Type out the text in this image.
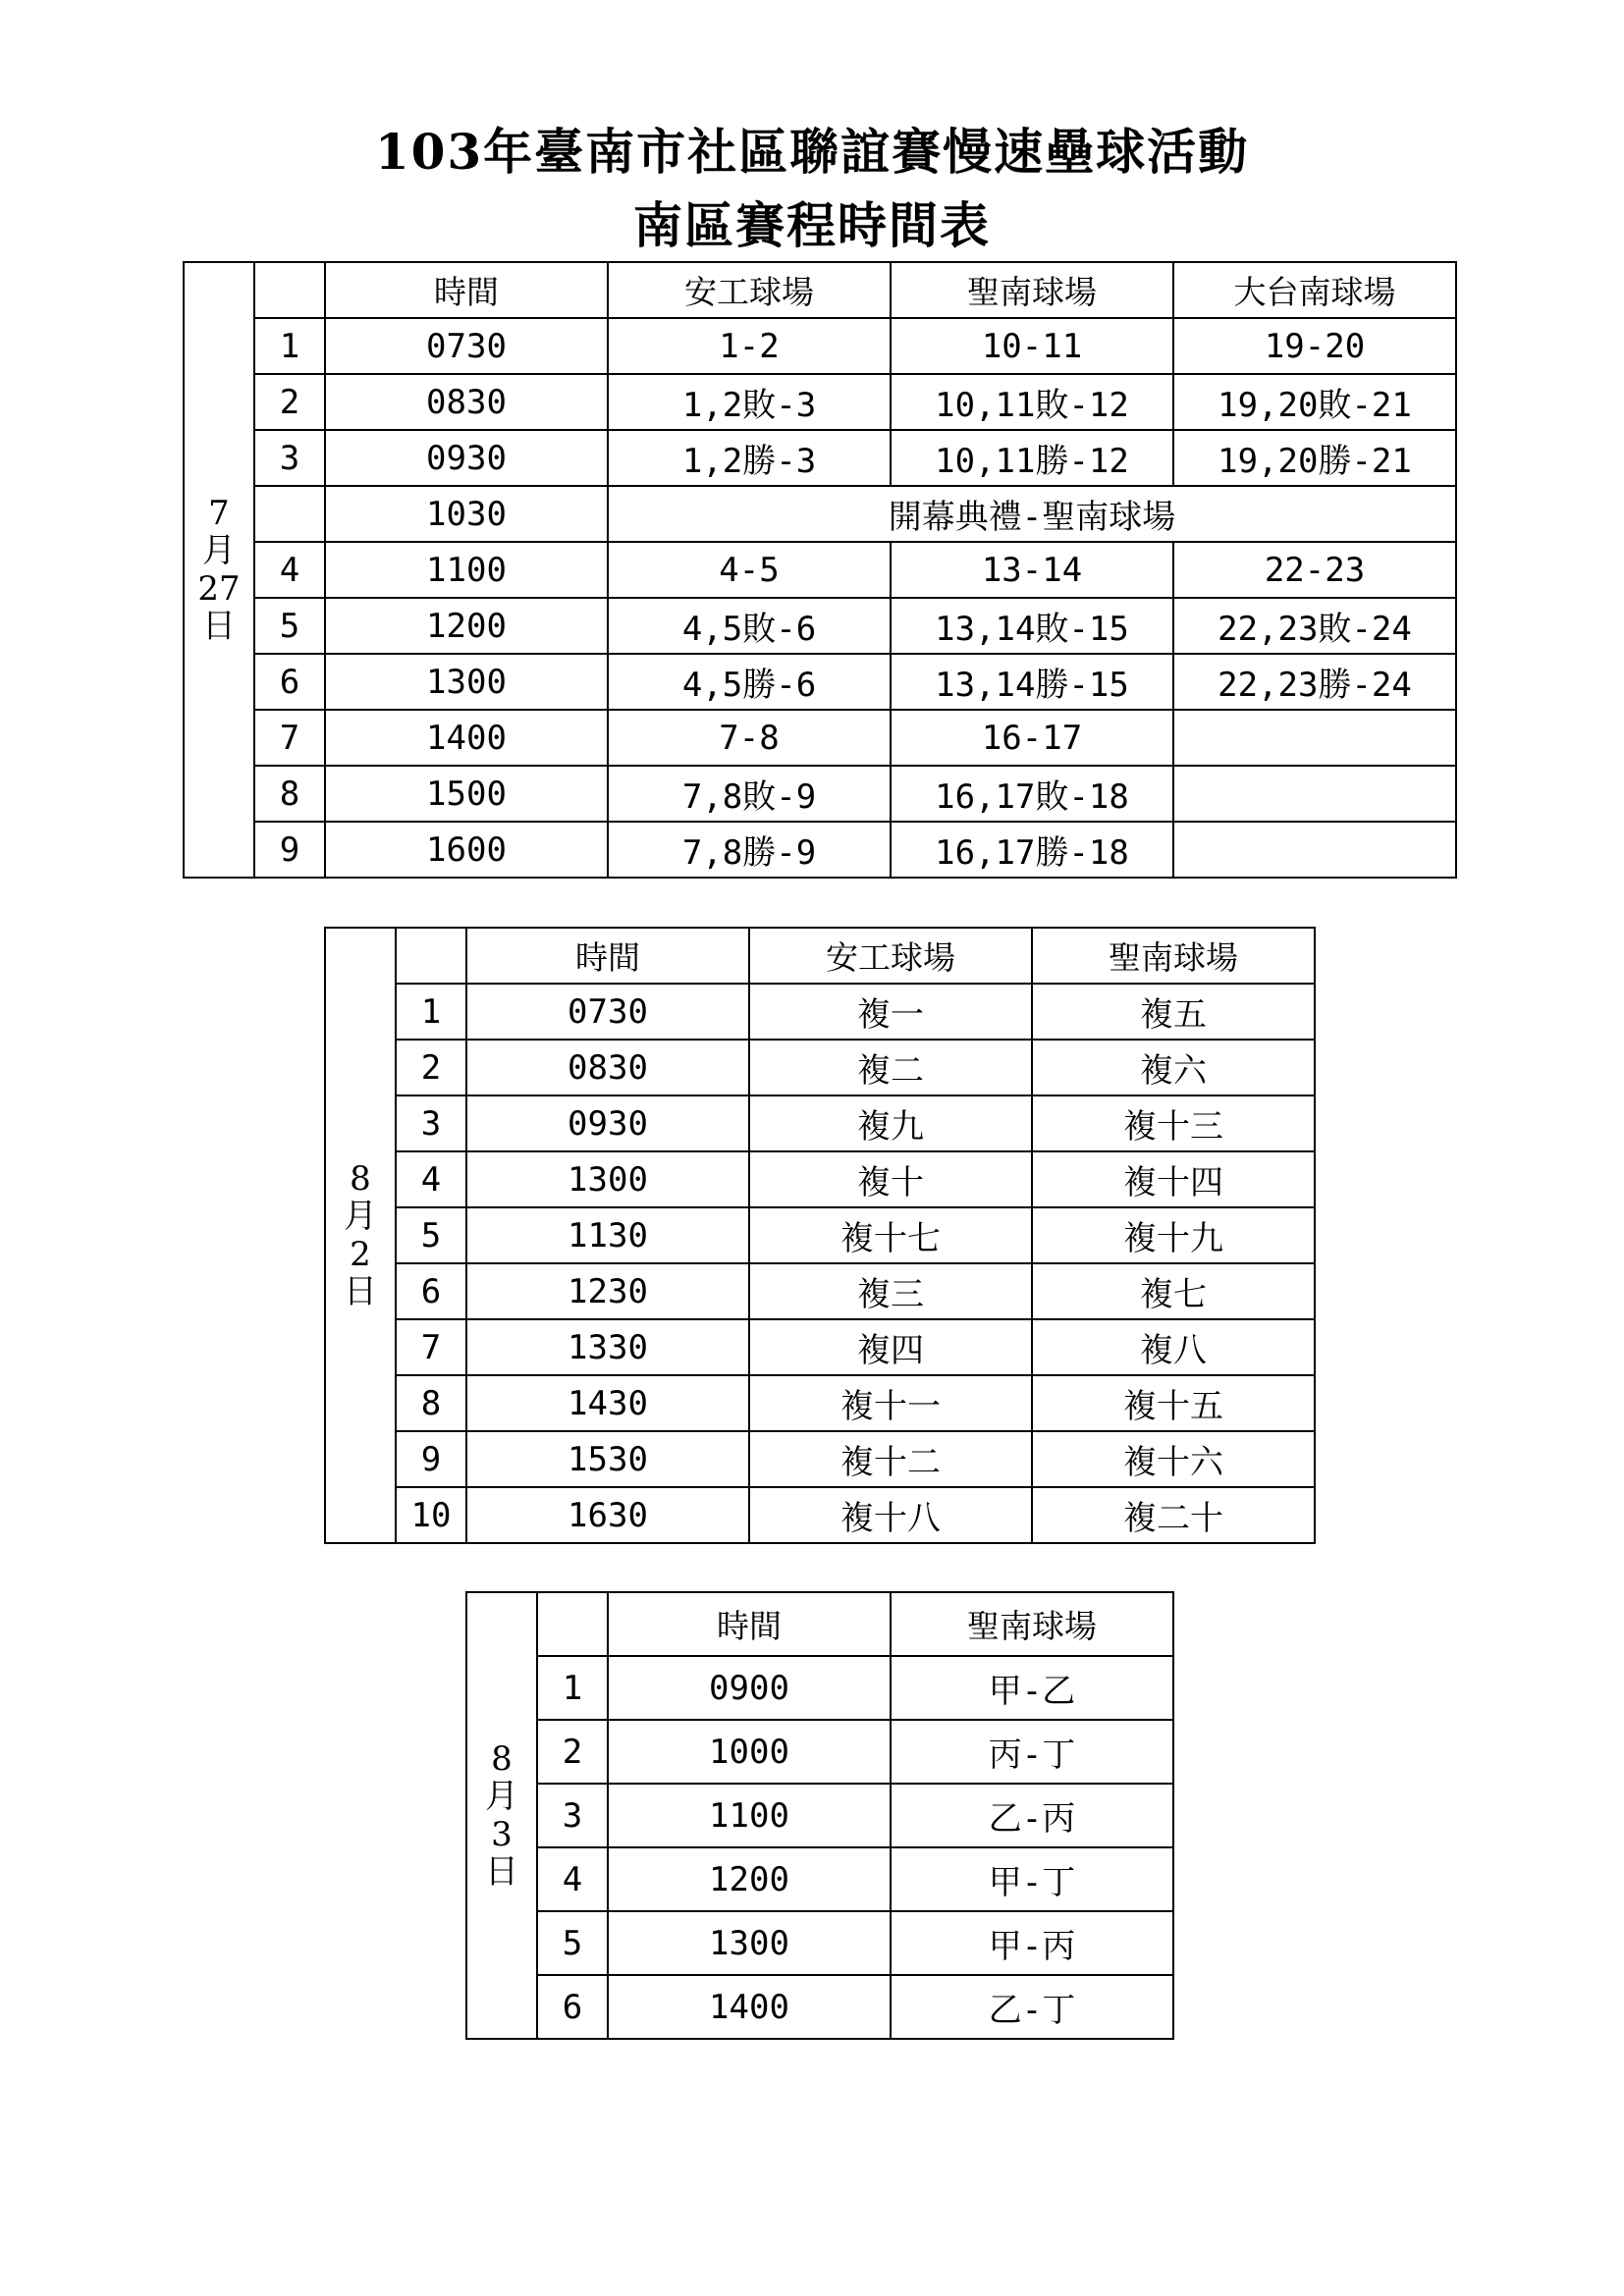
103年臺南市社區聯誼賽慢速壘球活動
南區賽程時間表
7
月
27
日		時間	安工球場	聖南球場	大台南球場
	1	0730	1-2	10-11	19-20
	2	0830	1,2敗-3	10,11敗-12	19,20敗-21
	3	0930	1,2勝-3	10,11勝-12	19,20勝-21
		1030	開幕典禮-聖南球場		
	4	1100	4-5	13-14	22-23
	5	1200	4,5敗-6	13,14敗-15	22,23敗-24
	6	1300	4,5勝-6	13,14勝-15	22,23勝-24
	7	1400	7-8	16-17	
	8	1500	7,8敗-9	16,17敗-18	
	9	1600	7,8勝-9	16,17勝-18	
8
月
2
日		時間	安工球場	聖南球場
	1	0730	複一	複五
	2	0830	複二	複六
	3	0930	複九	複十三
	4	1300	複十	複十四
	5	1130	複十七	複十九
	6	1230	複三	複七
	7	1330	複四	複八
	8	1430	複十一	複十五
	9	1530	複十二	複十六
	10	1630	複十八	複二十
8
月
3
日		時間	聖南球場
	1	0900	甲-乙
	2	1000	丙-丁
	3	1100	乙-丙
	4	1200	甲-丁
	5	1300	甲-丙
	6	1400	乙-丁
